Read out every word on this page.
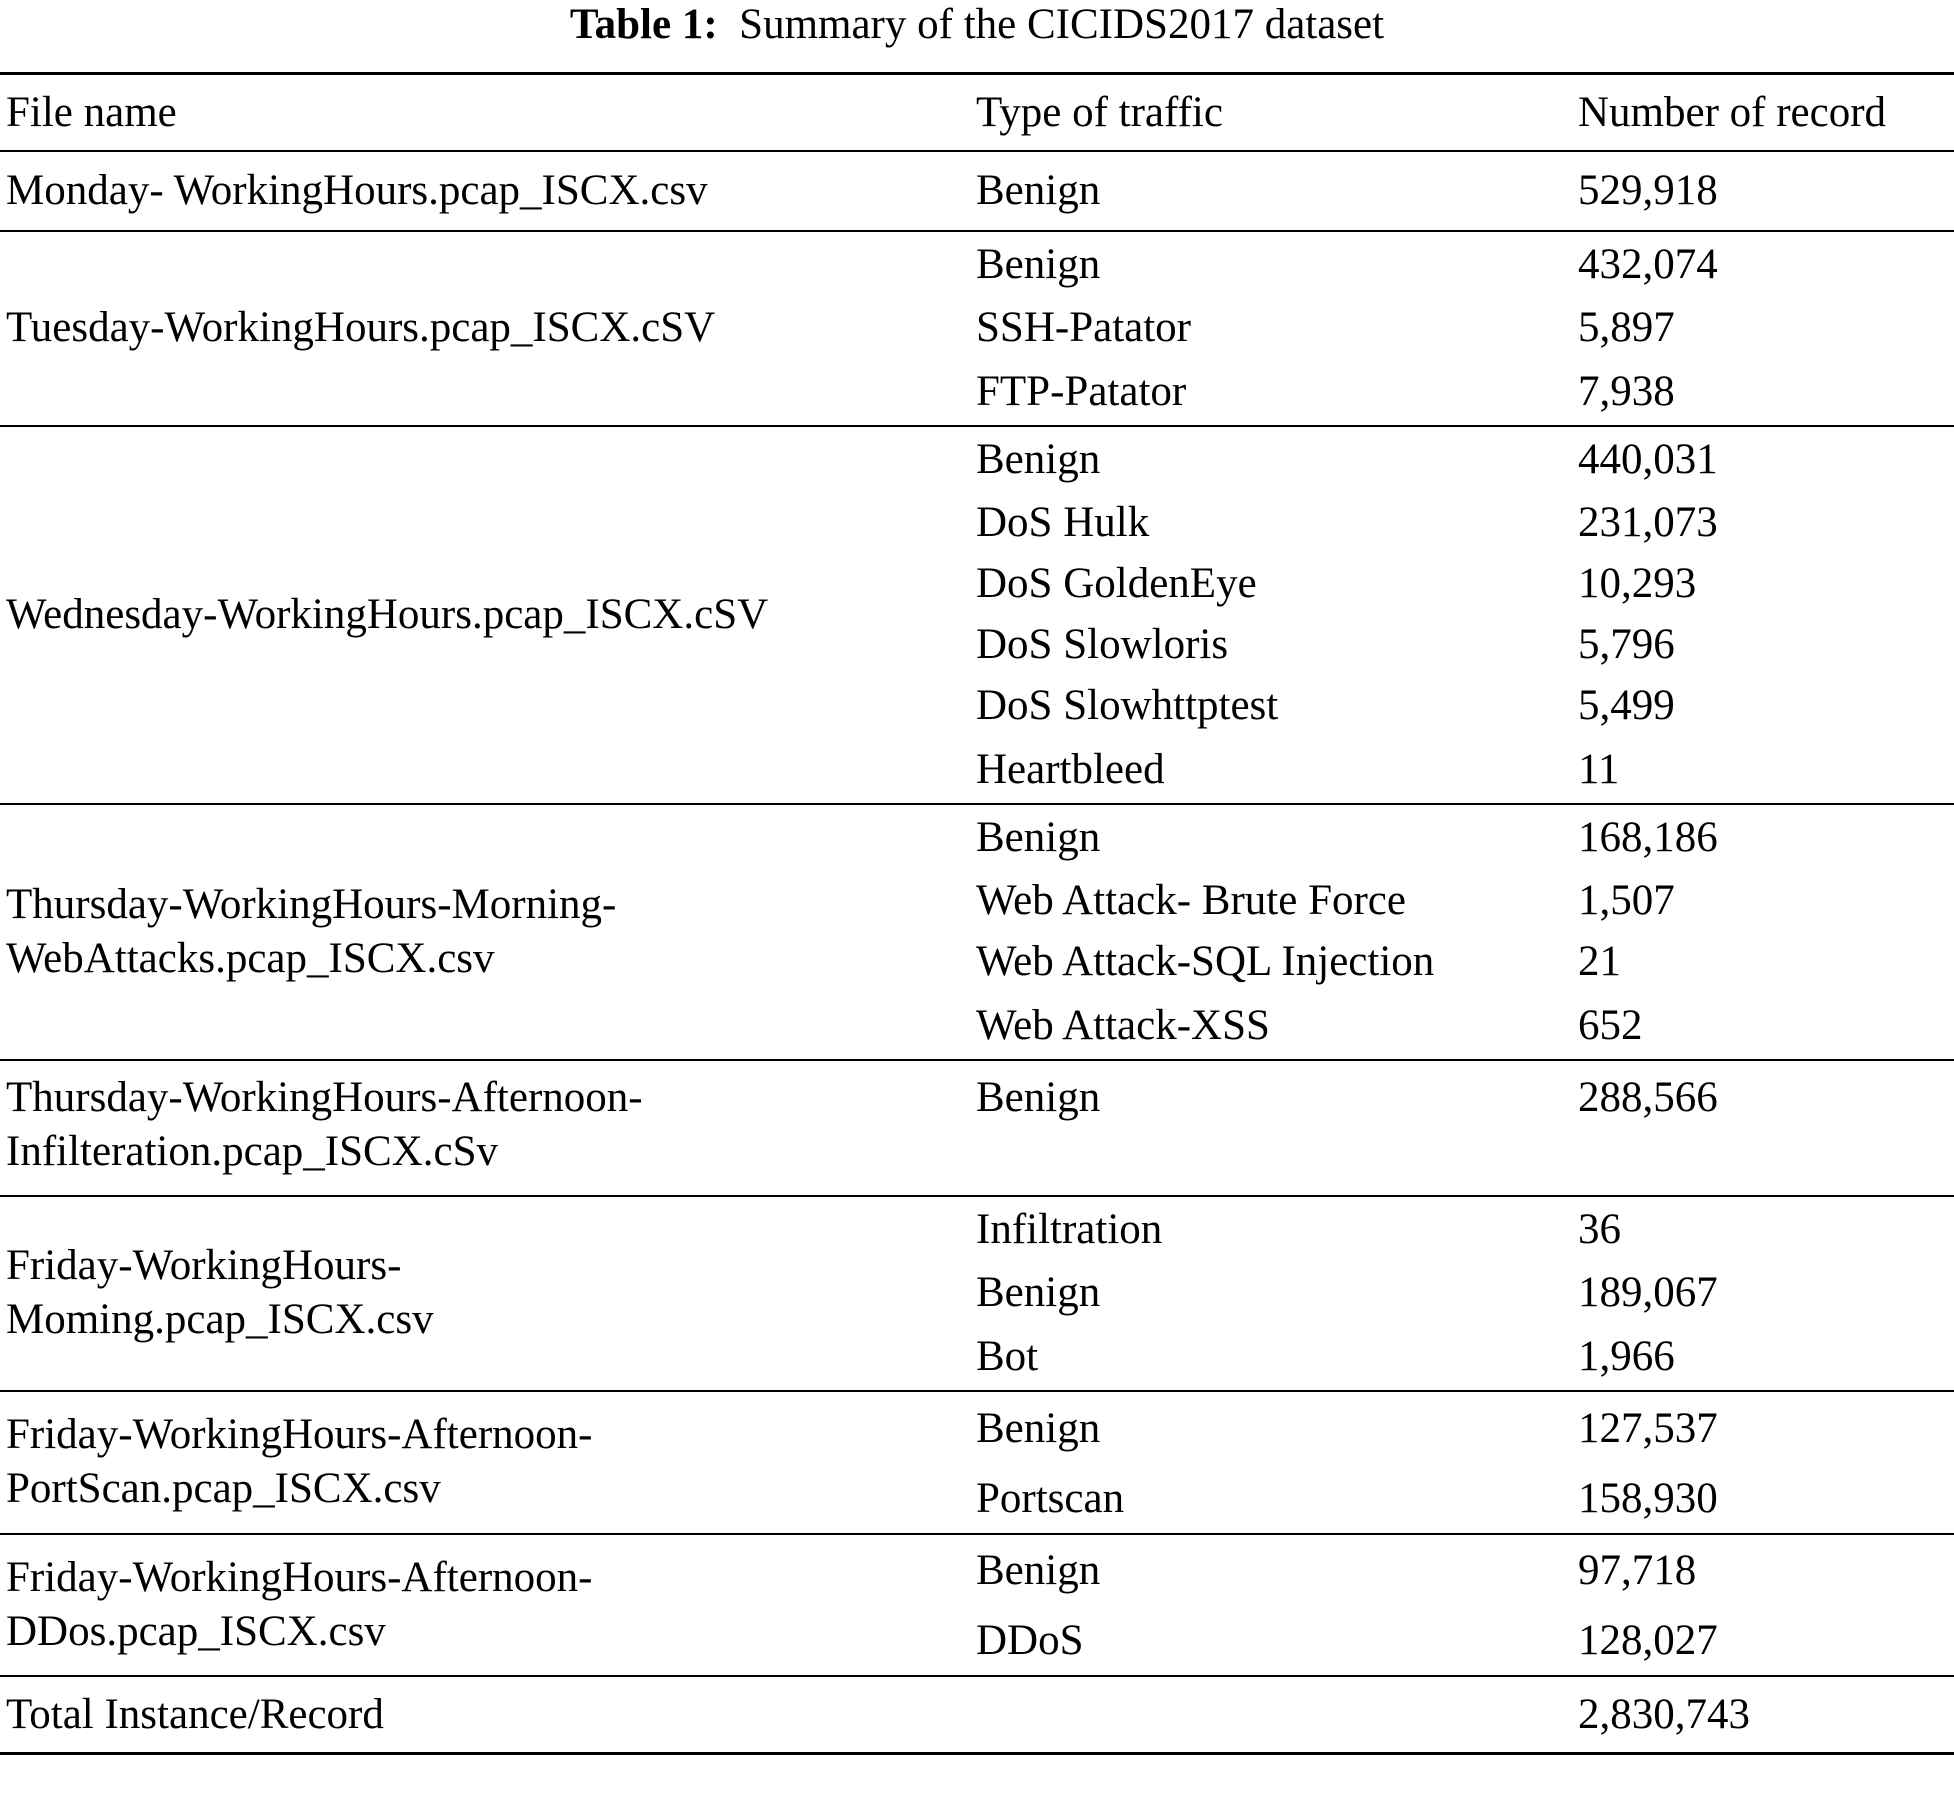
Table 1: Summary of the CICIDS2017 dataset
File name	Type of traffic	Number of record
Monday- WorkingHours.pcap_ISCX.csv	Benign	529,918
Tuesday-WorkingHours.pcap_ISCX.cSV	Benign	432,074
	SSH-Patator	5,897
	FTP-Patator	7,938
Wednesday-WorkingHours.pcap_ISCX.cSV	Benign	440,031
	DoS Hulk	231,073
	DoS GoldenEye	10,293
	DoS Slowloris	5,796
	DoS Slowhttptest	5,499
	Heartbleed	11

Thursday-WorkingHours-Morning-
WebAttacks.pcap_ISCX.csv	Benign	168,186
	Web Attack- Brute Force	1,507
	Web Attack-SQL Injection	21
	Web Attack-XSS	652

Thursday-WorkingHours-Afternoon-
Infilteration.pcap_ISCX.cSv	Benign	288,566

Friday-WorkingHours-
Moming.pcap_ISCX.csv	Infiltration	36
	Benign	189,067
	Bot	1,966

Friday-WorkingHours-Afternoon-
PortScan.pcap_ISCX.csv	Benign	127,537
	Portscan	158,930

Friday-WorkingHours-Afternoon-
DDos.pcap_ISCX.csv	Benign	97,718
	DDoS	128,027
Total Instance/Record		2,830,743
